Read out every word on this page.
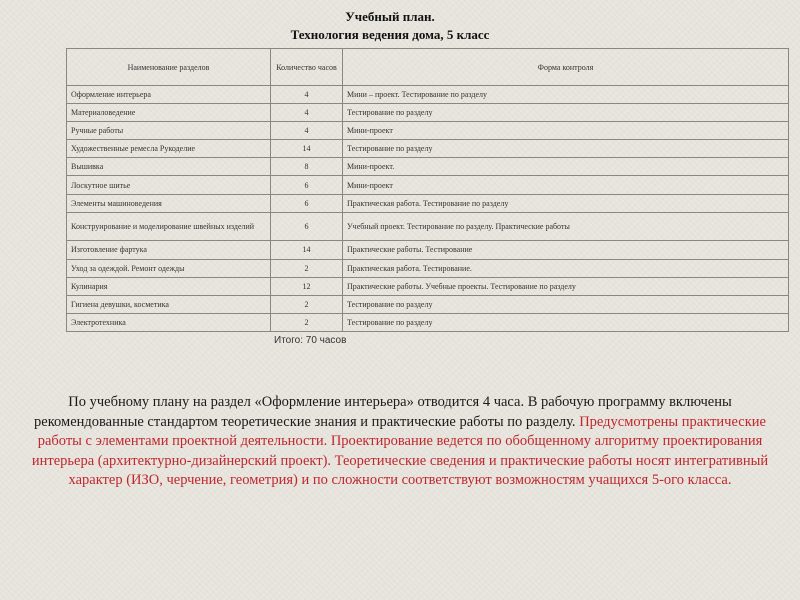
Учебный план.
Технология ведения дома, 5 класс
Наименование разделов	Количество часов	Форма контроля
Оформление интерьера	4	Мини – проект. Тестирование по разделу
Материаловедение	4	Тестирование по разделу
Ручные работы	4	Мини-проект
Художественные ремесла Рукоделие	14	Тестирование по разделу
Вышивка	8	Мини-проект.
Лоскутное шитье	6	Мини-проект
Элементы машиноведения	6	Практическая работа. Тестирование по разделу
Конструирование и моделирование швейных изделий	6	Учебный проект. Тестирование по разделу. Практические работы
Изготовление фартука	14	Практические работы. Тестирование
Уход за одеждой. Ремонт одежды	2	Практическая работа. Тестирование.
Кулинария	12	Практические работы. Учебные проекты. Тестирование по разделу
Гигиена девушки, косметика	2	Тестирование по разделу
Электротехника	2	Тестирование по разделу
Итого: 70 часов
По учебному плану на раздел «Оформление интерьера» отводится 4 часа. В рабочую программу включены рекомендованные стандартом теоретические знания и практические работы по разделу. Предусмотрены практические работы с элементами проектной деятельности. Проектирование ведется по обобщенному алгоритму проектирования интерьера (архитектурно-дизайнерский проект). Теоретические сведения и практические работы носят интегративный характер (ИЗО, черчение, геометрия) и по сложности соответствуют возможностям учащихся 5-ого класса.
